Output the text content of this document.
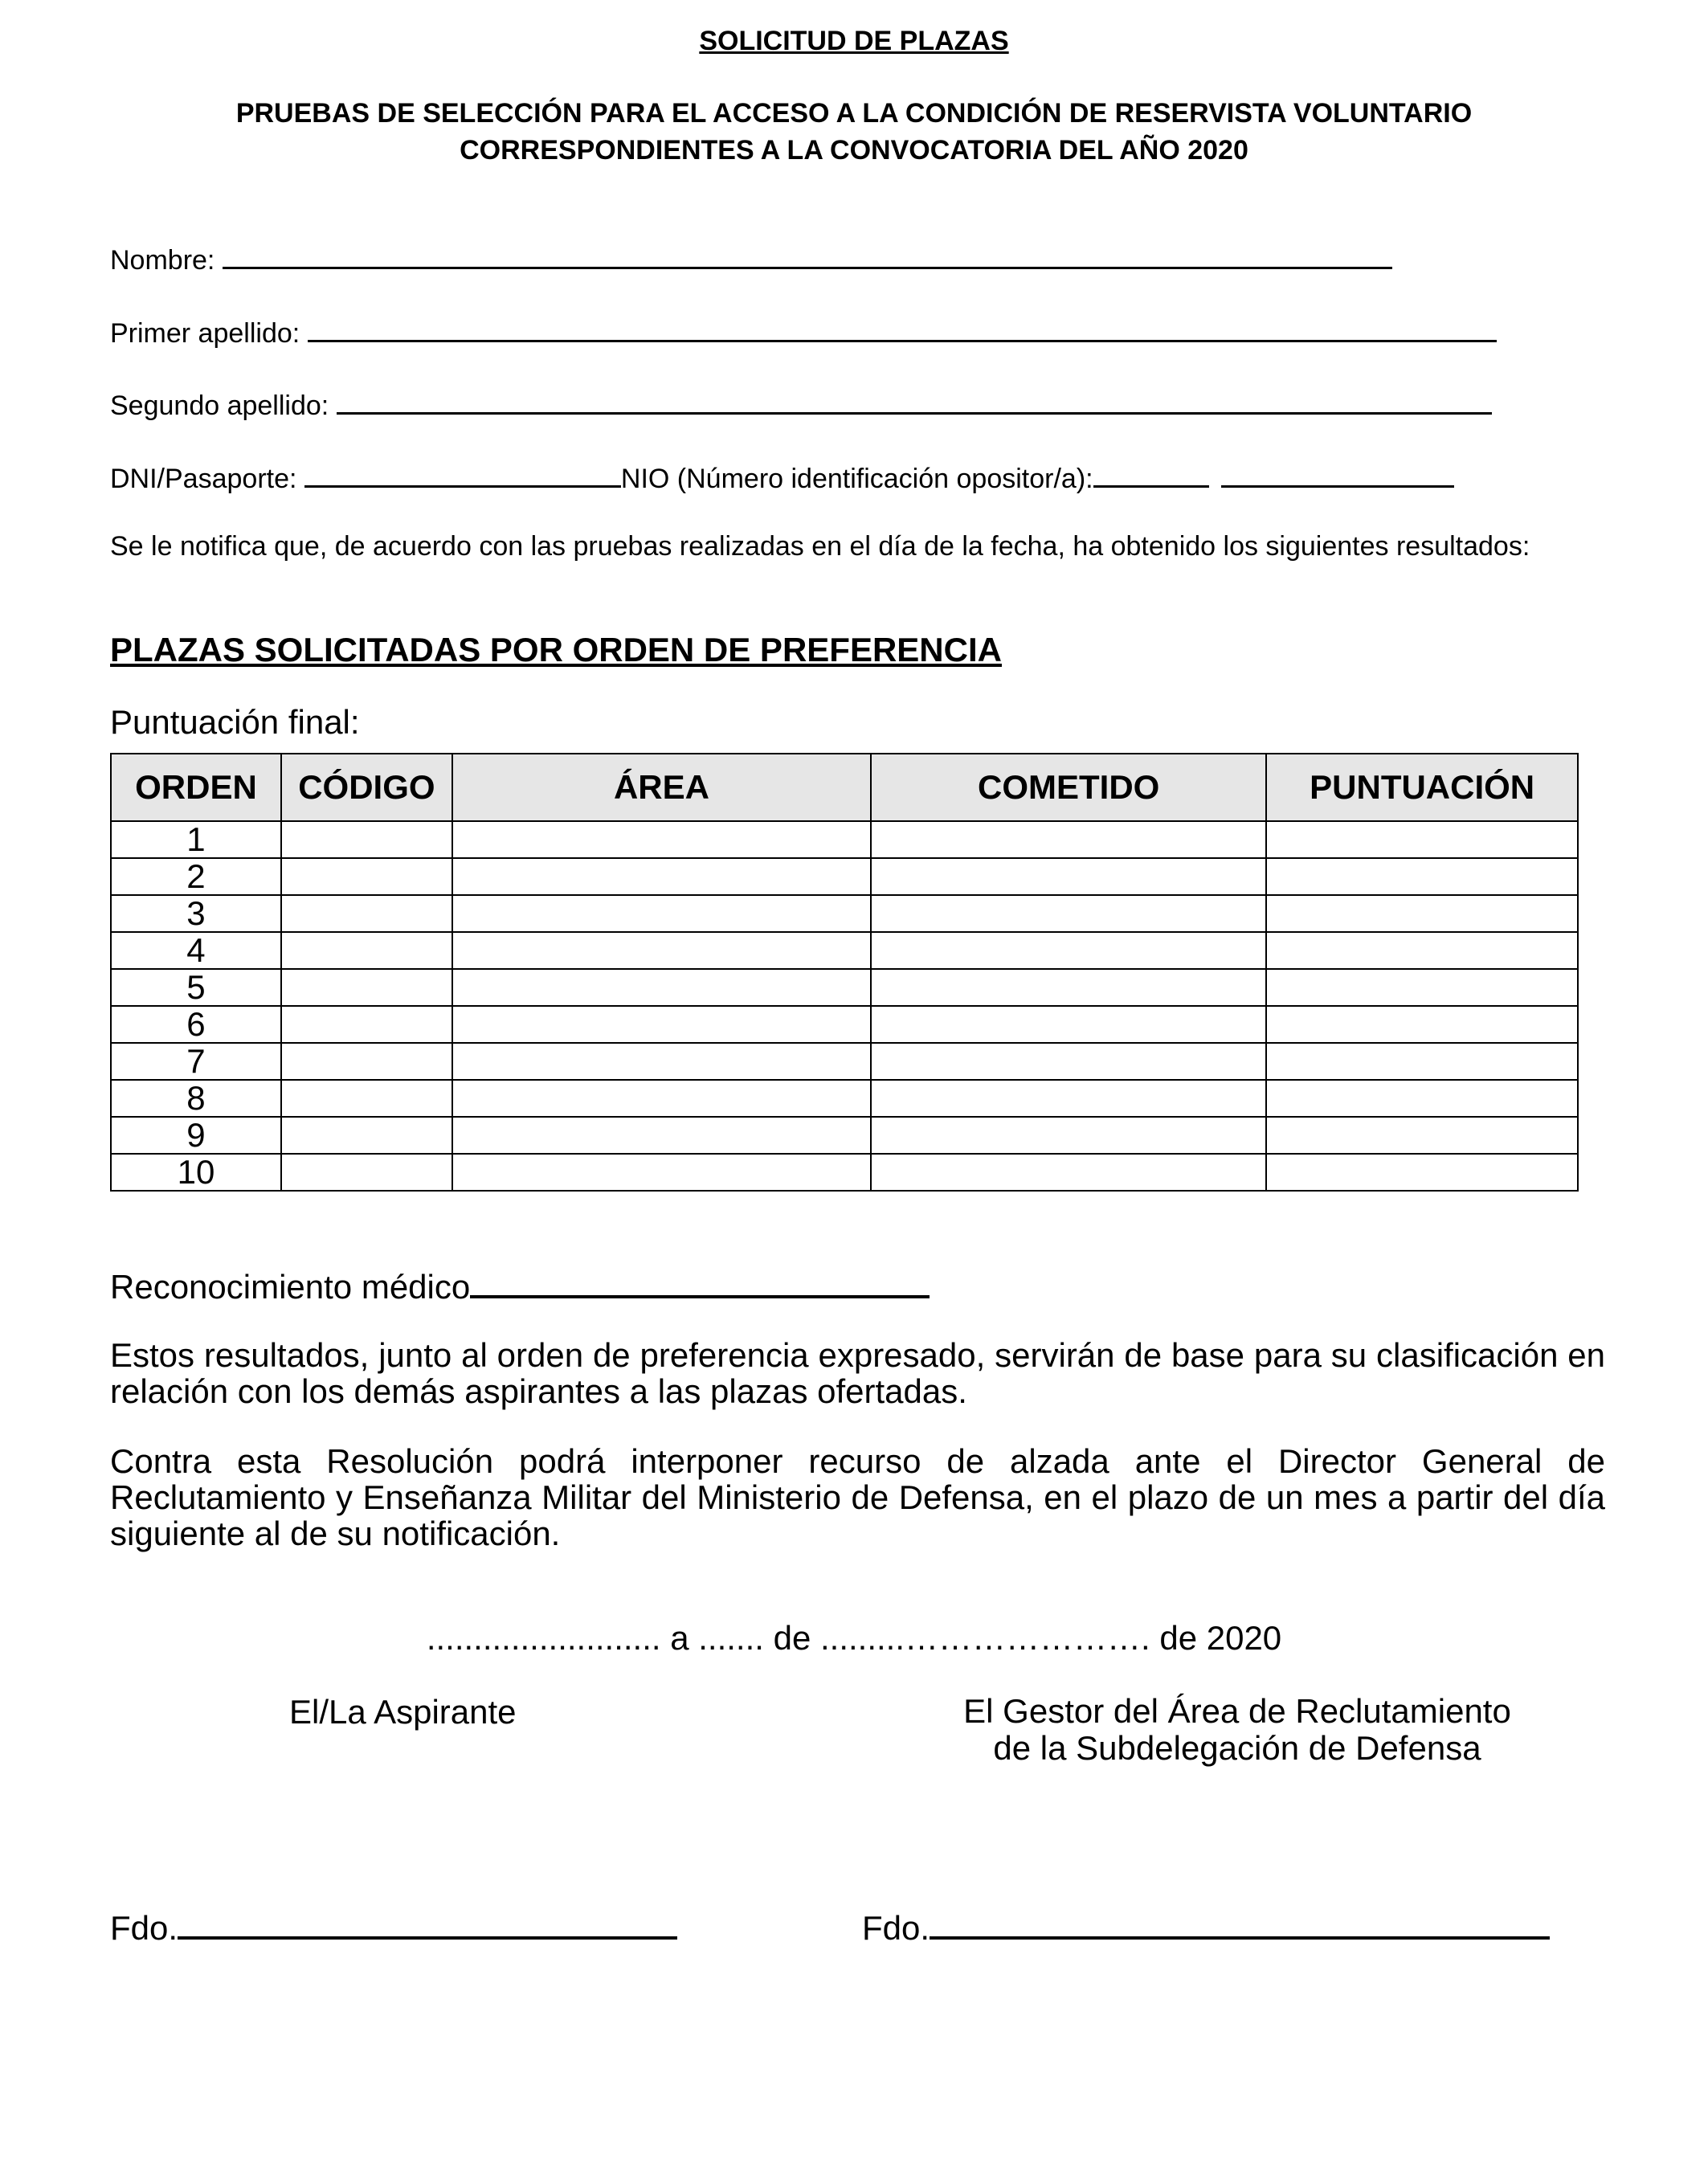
SOLICITUD DE PLAZAS
PRUEBAS DE SELECCIÓN PARA EL ACCESO A LA CONDICIÓN DE RESERVISTA VOLUNTARIO
CORRESPONDIENTES A LA CONVOCATORIA DEL AÑO 2020
Nombre:
Primer apellido:
Segundo apellido:
DNI/Pasaporte:	NIO (Número identificación opositor/a):
Se le notifica que, de acuerdo con las pruebas realizadas en el día de la fecha, ha obtenido los siguientes resultados:
PLAZAS SOLICITADAS POR ORDEN DE PREFERENCIA
Puntuación final:
ORDEN	CÓDIGO	ÁREA	COMETIDO	PUNTUACIÓN
1				
2				
3				
4				
5				
6				
7				
8				
9				
10				
Reconocimiento médico
Estos resultados, junto al orden de preferencia expresado, servirán de base para su clasificación en relación con los demás aspirantes a las plazas ofertadas.
Contra esta Resolución podrá interponer recurso de alzada ante el Director General de Reclutamiento y Enseñanza Militar del Ministerio de Defensa, en el plazo de un mes a partir del día siguiente al de su notificación.
......................... a ....... de .........…………………. de 2020
El/La Aspirante	El Gestor del Área de Reclutamiento
de la Subdelegación de Defensa
Fdo.	Fdo.
